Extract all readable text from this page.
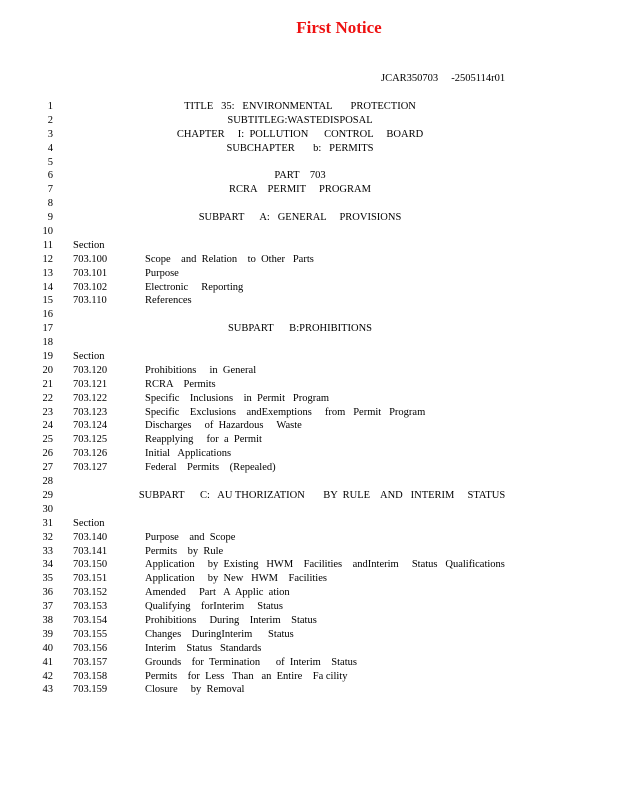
First Notice
JCAR350703     -2505114r01
1	TITLE   35:   ENVIRONMENTAL       PROTECTION
2	SUBTITLEG:WASTEDISPOSAL
3	CHAPTER     I:  POLLUTION      CONTROL     BOARD
4	SUBCHAPTER       b:   PERMITS
5
6	PART    703
7	RCRA    PERMIT     PROGRAM
8
9	SUBPART      A:   GENERAL     PROVISIONS
10
11 Section
12 703.100	Scope    and  Relation    to  Other   Parts
13 703.101	Purpose
14 703.102	Electronic     Reporting
15 703.110	References
16
17	SUBPART      B:PROHIBITIONS
18
19 Section
20 703.120	Prohibitions     in  General
21 703.121	RCRA    Permits
22 703.122	Specific    Inclusions    in  Permit   Program
23 703.123	Specific    Exclusions    andExemptions     from   Permit   Program
24 703.124	Discharges     of  Hazardous     Waste
25 703.125	Reapplying     for  a  Permit
26 703.126	Initial   Applications
27 703.127	Federal    Permits    (Repealed)
28
29	SUBPART      C:   AU THORIZATION       BY  RULE    AND   INTERIM     STATUS
30
31 Section
32 703.140	Purpose    and  Scope
33 703.141	Permits    by  Rule
34 703.150	Application     by  Existing   HWM    Facilities    andInterim     Status   Qualifications
35 703.151	Application     by  New   HWM    Facilities
36 703.152	Amended     Part   A  Applic  ation
37 703.153	Qualifying    forInterim     Status
38 703.154	Prohibitions     During    Interim    Status
39 703.155	Changes    DuringInterim      Status
40 703.156	Interim    Status   Standards
41 703.157	Grounds    for  Termination      of  Interim    Status
42 703.158	Permits    for  Less   Than   an  Entire    Fa cility
43 703.159	Closure     by  Removal
